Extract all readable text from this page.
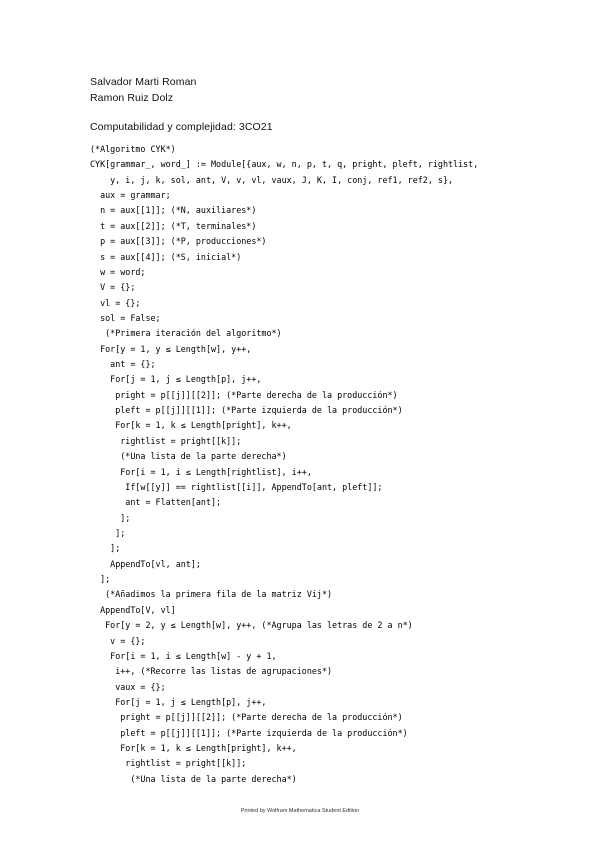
Salvador Marti Roman
Ramon Ruiz Dolz
Computabilidad y complejidad: 3CO21
(*Algoritmo CYK*)
CYK[grammar_, word_] := Module[{aux, w, n, p, t, q, pright, pleft, rightlist,
y, i, j, k, sol, ant, V, v, vl, vaux, J, K, I, conj, ref1, ref2, s},
aux = grammar;
n = aux[[1]]; (*N, auxiliares*)
t = aux[[2]]; (*T, terminales*)
p = aux[[3]]; (*P, producciones*)
s = aux[[4]]; (*S, inicial*)
w = word;
V = {};
vl = {};
sol = False;
(*Primera iteración del algoritmo*)
For[y = 1, y ≤ Length[w], y++,
ant = {};
For[j = 1, j ≤ Length[p], j++,
pright = p[[j]][[2]]; (*Parte derecha de la producción*)
pleft = p[[j]][[1]]; (*Parte izquierda de la producción*)
For[k = 1, k ≤ Length[pright], k++,
rightlist = pright[[k]];
(*Una lista de la parte derecha*)
For[i = 1, i ≤ Length[rightlist], i++,
If[w[[y]] == rightlist[[i]], AppendTo[ant, pleft]];
ant = Flatten[ant];
];
];
];
AppendTo[vl, ant];
];
(*Añadimos la primera fila de la matriz Vij*)
AppendTo[V, vl]
For[y = 2, y ≤ Length[w], y++, (*Agrupa las letras de 2 a n*)
v = {};
For[i = 1, i ≤ Length[w] - y + 1,
i++, (*Recorre las listas de agrupaciones*)
vaux = {};
For[j = 1, j ≤ Length[p], j++,
pright = p[[j]][[2]]; (*Parte derecha de la producción*)
pleft = p[[j]][[1]]; (*Parte izquierda de la producción*)
For[k = 1, k ≤ Length[pright], k++,
rightlist = pright[[k]];
(*Una lista de la parte derecha*)
Printed by Wolfram Mathematica Student Edition
